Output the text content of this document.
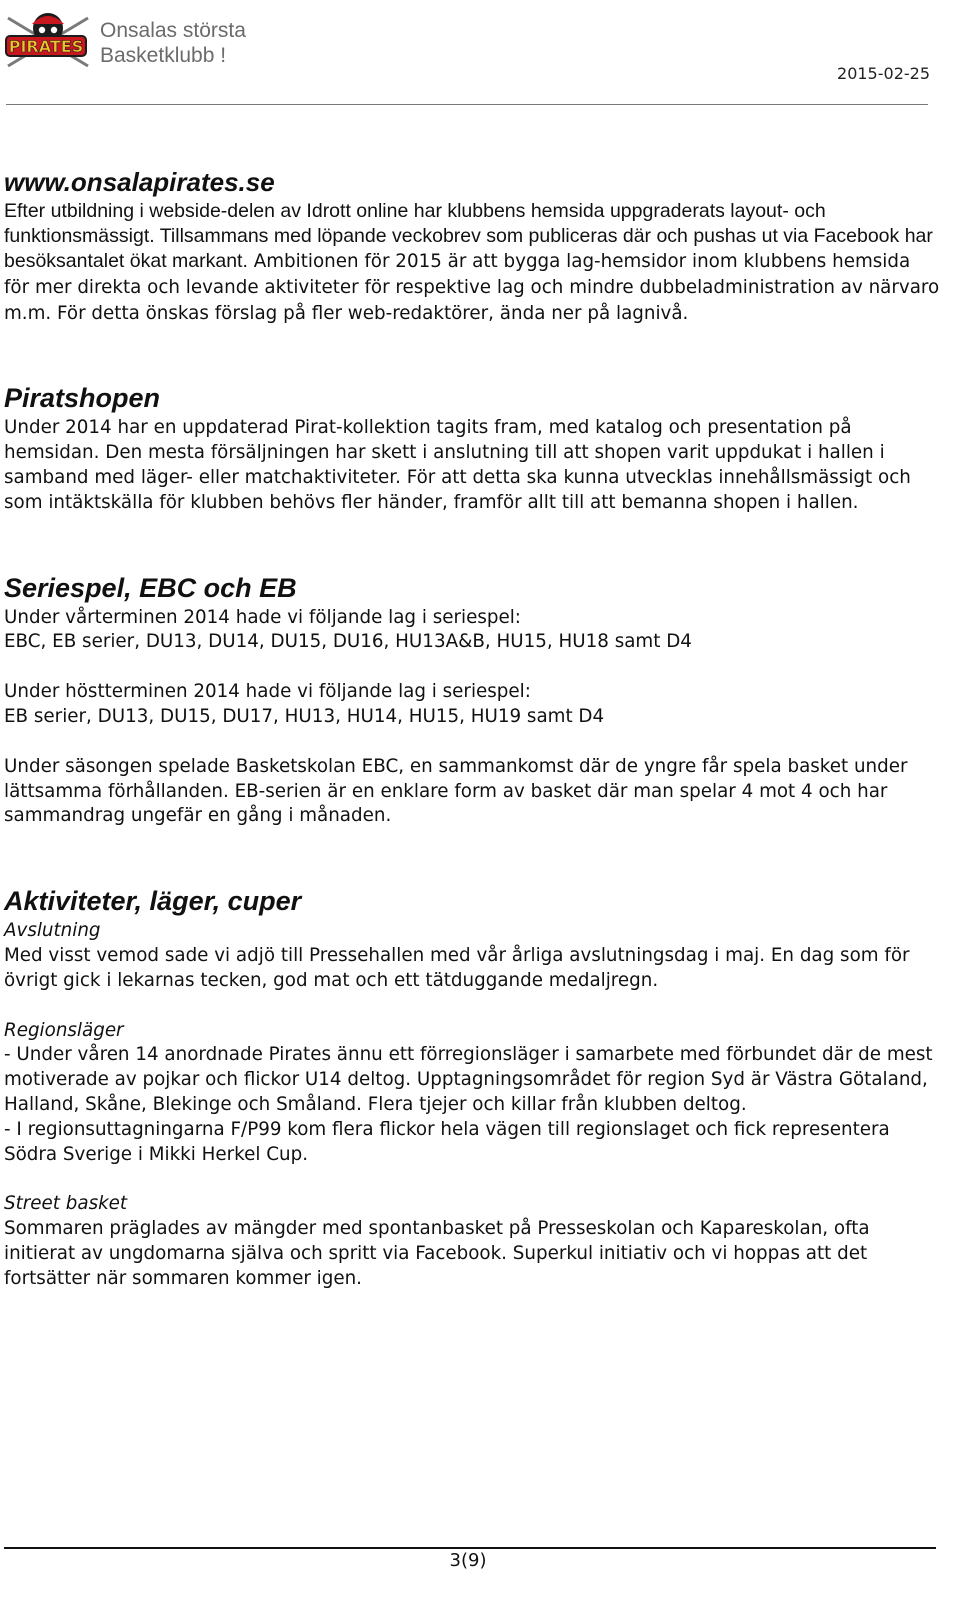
PIRATES
Onsalas största
Basketklubb !
2015-02-25
www.onsalapirates.se

Efter utbildning i webside-delen av Idrott online har klubbens hemsida uppgraderats layout- och funktionsmässigt. Tillsammans med löpande veckobrev som publiceras där och pushas ut via Facebook har besöksantalet ökat markant. Ambitionen för 2015 är att bygga lag-hemsidor inom klubbens hemsida för mer direkta och levande aktiviteter för respektive lag och mindre dubbeladministration av närvaro m.m. För detta önskas förslag på fler web-redaktörer, ända ner på lagnivå.

Piratshopen

Under 2014 har en uppdaterad Pirat-kollektion tagits fram, med katalog och presentation på hemsidan. Den mesta försäljningen har skett i anslutning till att shopen varit uppdukat i hallen i samband med läger- eller matchaktiviteter. För att detta ska kunna utvecklas innehållsmässigt och som intäktskälla för klubben behövs fler händer, framför allt till att bemanna shopen i hallen.

Seriespel, EBC och EB

Under vårterminen 2014 hade vi följande lag i seriespel:

EBC, EB serier, DU13, DU14, DU15, DU16, HU13A&B, HU15, HU18 samt D4

Under höstterminen 2014 hade vi följande lag i seriespel:

EB serier, DU13, DU15, DU17, HU13, HU14, HU15, HU19 samt D4

Under säsongen spelade Basketskolan EBC, en sammankomst där de yngre får spela basket under lättsamma förhållanden. EB-serien är en enklare form av basket där man spelar 4 mot 4 och har sammandrag ungefär en gång i månaden.

Aktiviteter, läger, cuper

Avslutning

Med visst vemod sade vi adjö till Pressehallen med vår årliga avslutningsdag i maj. En dag som för övrigt gick i lekarnas tecken, god mat och ett tätduggande medaljregn.

Regionsläger

- Under våren 14 anordnade Pirates ännu ett förregionsläger i samarbete med förbundet där de mest motiverade av pojkar och flickor U14 deltog. Upptagningsområdet för region Syd är Västra Götaland, Halland, Skåne, Blekinge och Småland. Flera tjejer och killar från klubben deltog.

- I regionsuttagningarna F/P99 kom flera flickor hela vägen till regionslaget och fick representera Södra Sverige i Mikki Herkel Cup.

Street basket

Sommaren präglades av mängder med spontanbasket på Presseskolan och Kapareskolan, ofta initierat av ungdomarna själva och spritt via Facebook. Superkul initiativ och vi hoppas att det fortsätter när sommaren kommer igen.

3(9)
